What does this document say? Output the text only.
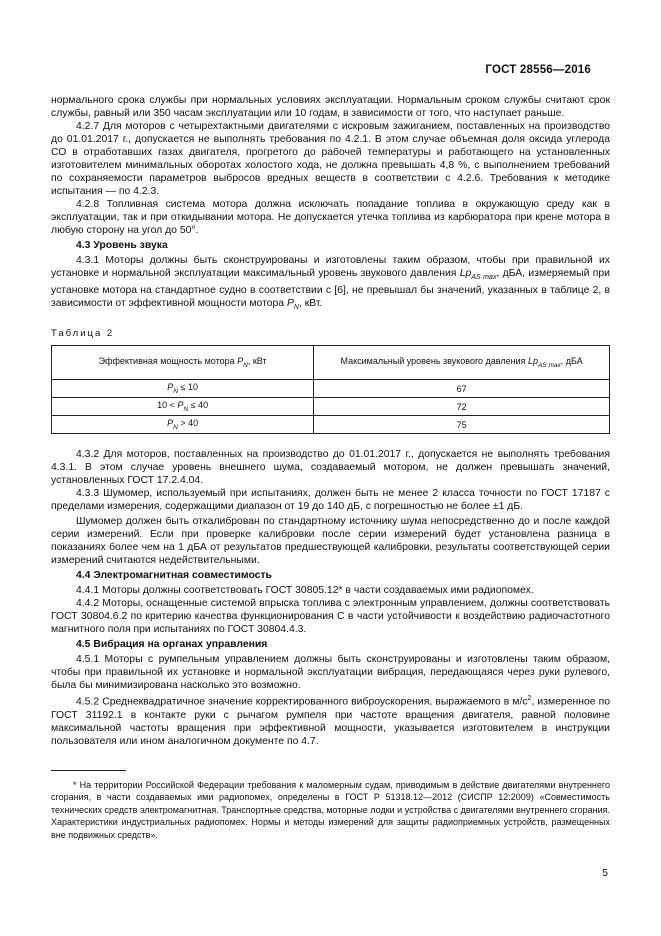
ГОСТ 28556—2016

нормального срока службы при нормальных условиях эксплуатации. Нормальным сроком службы считают срок службы, равный или 350 часам эксплуатации или 10 годам, в зависимости от того, что наступает раньше.

4.2.7 Для моторов с четырехтактными двигателями с искровым зажиганием, поставленных на производство до 01.01.2017 г., допускается не выполнять требования по 4.2.1. В этом случае объемная доля оксида углерода СО в отработавших газах двигателя, прогретого до рабочей температуры и работающего на установленных изготовителем минимальных оборотах холостого хода, не должна превышать 4,8 %, с выполнением требований по сохраняемости параметров выбросов вредных веществ в соответствии с 4.2.6. Требования к методике испытания — по 4.2.3.

4.2.8 Топливная система мотора должна исключать попадание топлива в окружающую среду как в эксплуатации, так и при откидывании мотора. Не допускается утечка топлива из карбюратора при крене мотора в любую сторону на угол до 50°.

4.3 Уровень звука

4.3.1 Моторы должны быть сконструированы и изготовлены таким образом, чтобы при правильной их установке и нормальной эксплуатации максимальный уровень звукового давления $Lp_{AS max}$, дБА, измеряемый при установке мотора на стандартное судно в соответствии с [6], не превышал бы значений, указанных в таблице 2, в зависимости от эффективной мощности мотора $P_N$, кВт.

Таблица 2
Эффективная мощность мотора $P_N$, кВт	Максимальный уровень звукового давления $Lp_{AS max}$, дБА
$P_N \le 10$	67
$10 < P_N \le 40$	72
$P_N > 40$	75

4.3.2 Для моторов, поставленных на производство до 01.01.2017 г., допускается не выполнять требования 4.3.1. В этом случае уровень внешнего шума, создаваемый мотором, не должен превышать значений, установленных ГОСТ 17.2.4.04.

4.3.3 Шумомер, используемый при испытаниях, должен быть не менее 2 класса точности по ГОСТ 17187 с пределами измерения, содержащими диапазон от 19 до 140 дБ, с погрешностью не более ±1 дБ.

Шумомер должен быть откалиброван по стандартному источнику шума непосредственно до и после каждой серии измерений. Если при проверке калибровки после серии измерений будет установлена разница в показаниях более чем на 1 дБА от результатов предшествующей калибровки, результаты соответствующей серии измерений считаются недействительными.

4.4 Электромагнитная совместимость

4.4.1 Моторы должны соответствовать ГОСТ 30805.12* в части создаваемых ими радиопомех.

4.4.2 Моторы, оснащенные системой впрыска топлива с электронным управлением, должны соответствовать ГОСТ 30804.6.2 по критерию качества функционирования С в части устойчивости к воздействию радиочастотного магнитного поля при испытаниях по ГОСТ 30804.4.3.

4.5 Вибрация на органах управления

4.5.1 Моторы с румпельным управлением должны быть сконструированы и изготовлены таким образом, чтобы при правильной их установке и нормальной эксплуатации вибрация, передающаяся через руки рулевого, была бы минимизирована насколько это возможно.

4.5.2 Среднеквадратичное значение корректированного виброускорения, выражаемого в $м/с^2$, измеренное по ГОСТ 31192.1 в контакте руки с рычагом румпеля при частоте вращения двигателя, равной половине максимальной частоты вращения при эффективной мощности, указывается изготовителем в инструкции пользователя или ином аналогичном документе по 4.7.

* На территории Российской Федерации требования к маломерным судам, приводимым в действие двигателями внутреннего сгорания, в части создаваемых ими радиопомех, определены в ГОСТ Р 51318.12—2012 (СИСПР 12:2009) «Совместимость технических средств электромагнитная. Транспортные средства, моторные лодки и устройства с двигателями внутреннего сгорания. Характеристики индустриальных радиопомех. Нормы и методы измерений для защиты радиоприемных устройств, размещенных вне подвижных средств».

5
